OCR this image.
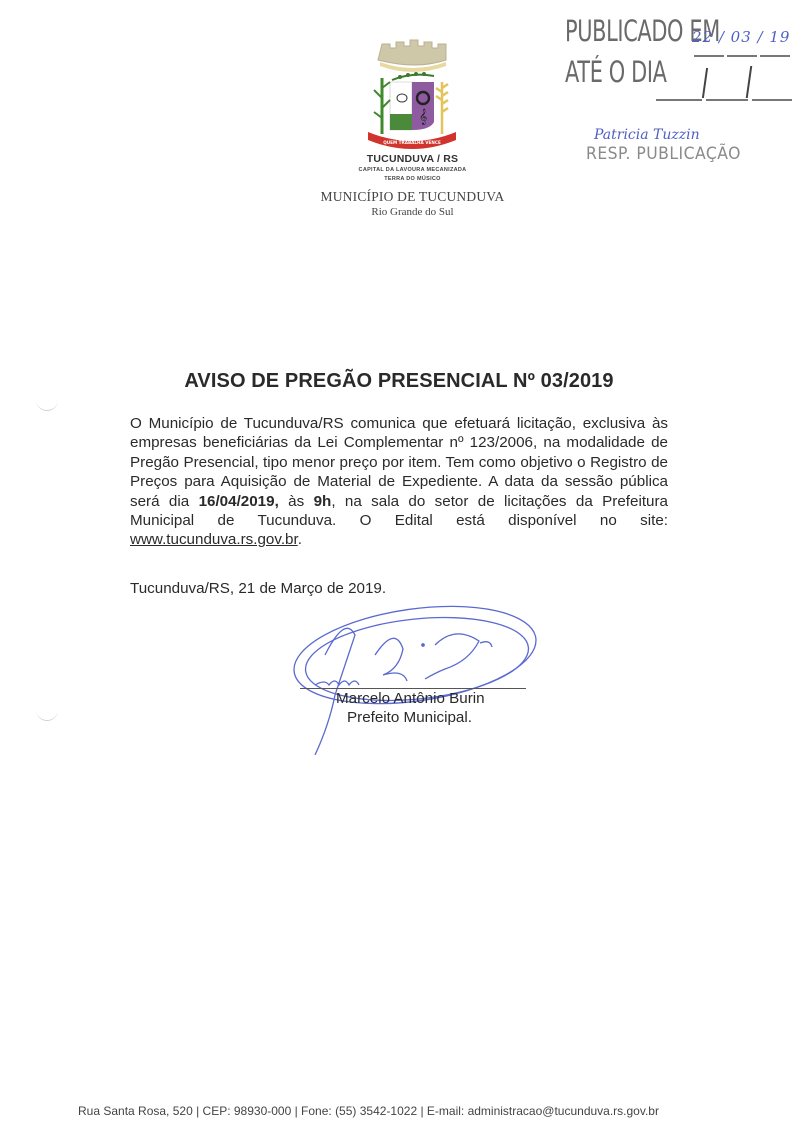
𝄞
QUEM TRABALHA VENCE
TUCUNDUVA / RS
CAPITAL DA LAVOURA MECANIZADA
TERRA DO MÚSICO
MUNICÍPIO DE TUCUNDUVA
Rio Grande do Sul
PUBLICADO EM
22 / 03 / 19
ATÉ O DIA
Patricia Tuzzin
RESP. PUBLICAÇÃO
AVISO DE PREGÃO PRESENCIAL Nº 03/2019
O Município de Tucunduva/RS comunica que efetuará licitação, exclusiva às empresas beneficiárias da Lei Complementar nº 123/2006, na modalidade de Pregão Presencial, tipo menor preço por item. Tem como objetivo o Registro de Preços para Aquisição de Material de Expediente. A data da sessão pública será dia 16/04/2019, às 9h, na sala do setor de licitações da Prefeitura Municipal de Tucunduva. O Edital está disponível no site: www.tucunduva.rs.gov.br.
Tucunduva/RS, 21 de Março de 2019.
Marcelo Antônio Burin
Prefeito Municipal.
Rua Santa Rosa, 520 | CEP: 98930-000 | Fone: (55) 3542-1022 | E-mail: administracao@tucunduva.rs.gov.br
